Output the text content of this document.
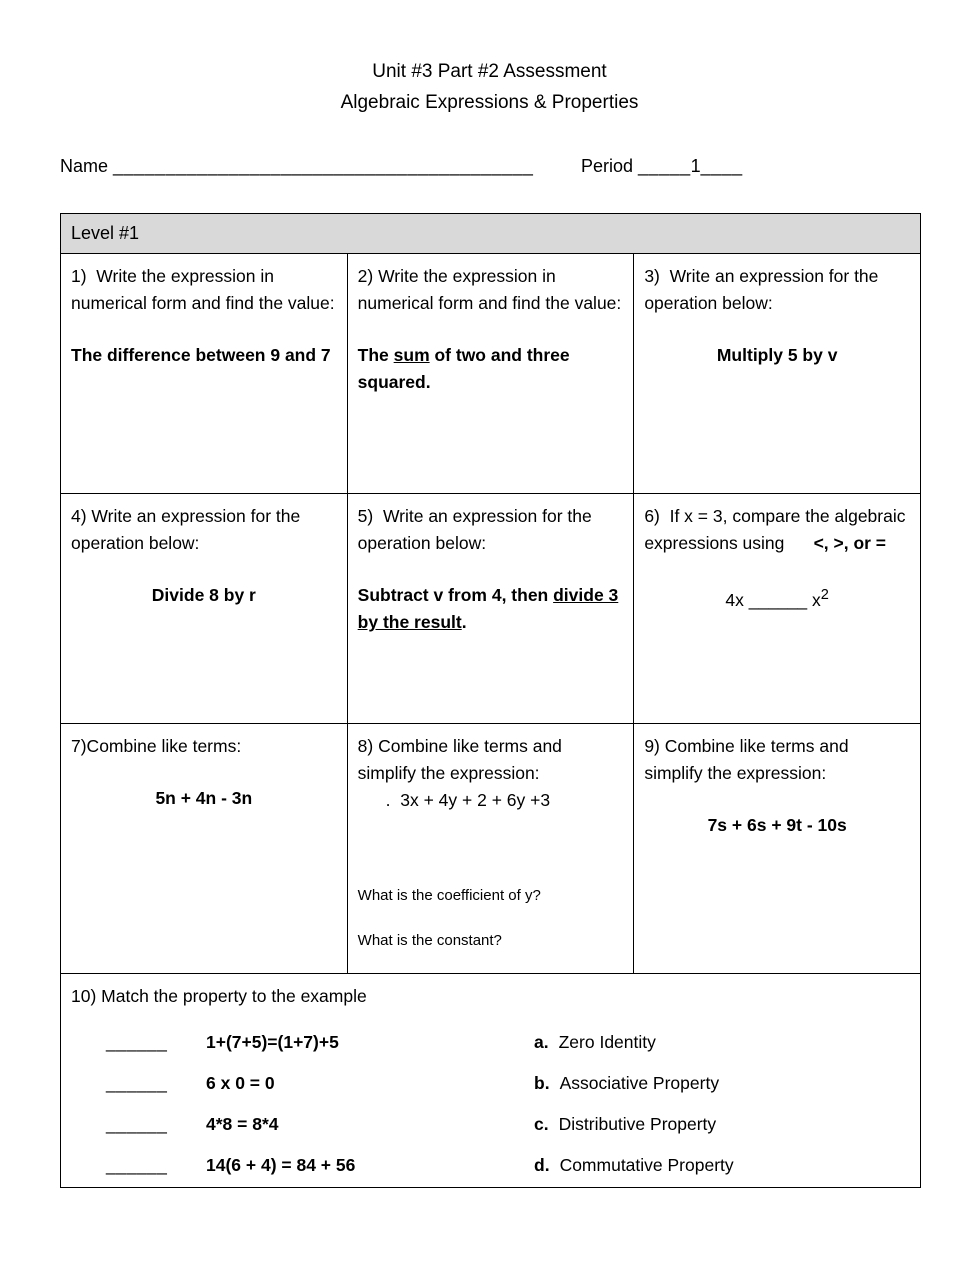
Unit #3 Part #2 Assessment
Algebraic Expressions & Properties
Name ________________________________________	Period _____1____
Level #1		

1)  Write the expression in numerical form and find the value:
The difference between 9 and 7

2) Write the expression in numerical form and find the value:
The sum of two and three squared.

3)  Write an expression for the operation below:
Multiply 5 by v

4) Write an expression for the operation below:
Divide 8 by r

5)  Write an expression for the operation below:
Subtract v from 4, then divide 3 by the result.

6)  If x = 3, compare the algebraic expressions using      <, >, or =
4x ______ $x^2$

7)Combine like terms:
5n + 4n - 3n

8) Combine like terms and simplify the expression:
.  3x + 4y + 2 + 6y +3
What is the coefficient of y?
What is the constant?

9) Combine like terms and simplify the expression:
7s + 6s + 9t - 10s

10) Match the property to the example
______	1+(7+5)=(1+7)+5	a. Zero Identity
______	6 x 0 = 0	b. Associative Property
______	4*8 = 8*4	c. Distributive Property
______	14(6 + 4) = 84 + 56	d. Commutative Property
